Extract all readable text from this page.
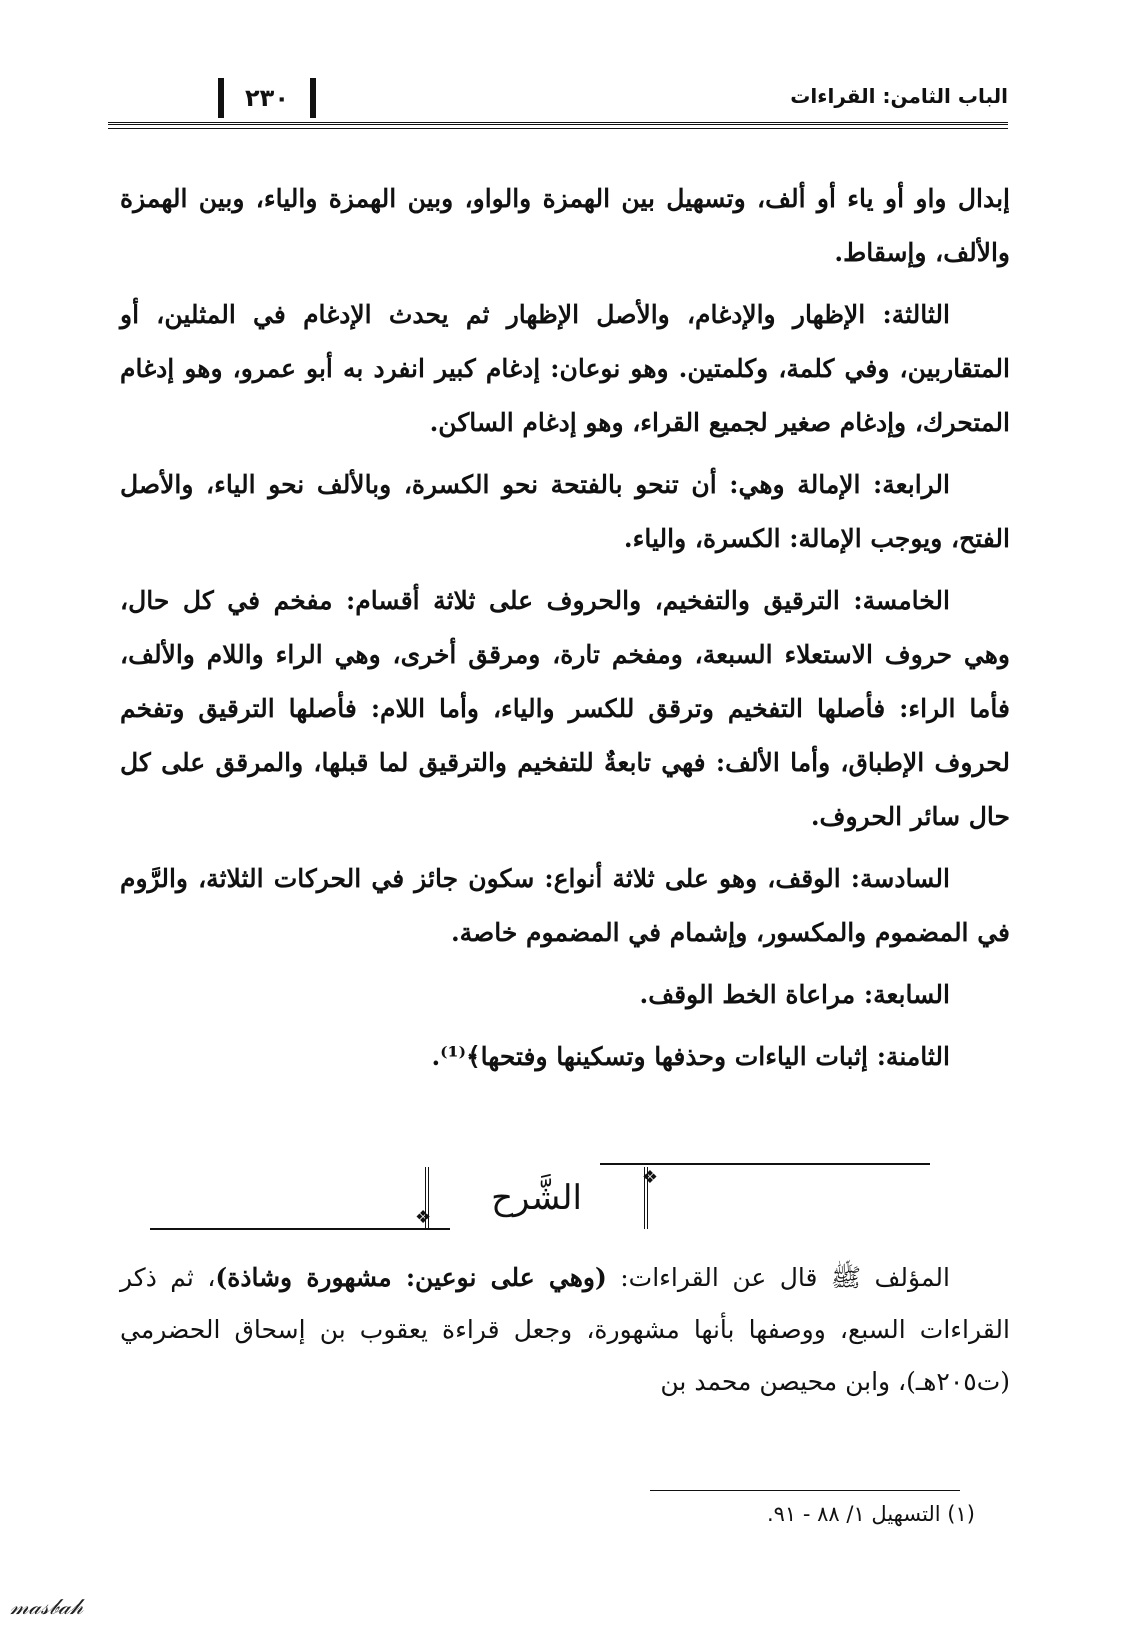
الباب الثامن: القراءات
٢٣٠

إبدال واو أو ياء أو ألف، وتسهيل بين الهمزة والواو، وبين الهمزة والياء، وبين الهمزة والألف، وإسقاط.

الثالثة: الإظهار والإدغام، والأصل الإظهار ثم يحدث الإدغام في المثلين، أو المتقاربين، وفي كلمة، وكلمتين. وهو نوعان: إدغام كبير انفرد به أبو عمرو، وهو إدغام المتحرك، وإدغام صغير لجميع القراء، وهو إدغام الساكن.

الرابعة: الإمالة وهي: أن تنحو بالفتحة نحو الكسرة، وبالألف نحو الياء، والأصل الفتح، ويوجب الإمالة: الكسرة، والياء.

الخامسة: الترقيق والتفخيم، والحروف على ثلاثة أقسام: مفخم في كل حال، وهي حروف الاستعلاء السبعة، ومفخم تارة، ومرقق أخرى، وهي الراء واللام والألف، فأما الراء: فأصلها التفخيم وترقق للكسر والياء، وأما اللام: فأصلها الترقيق وتفخم لحروف الإطباق، وأما الألف: فهي تابعةٌ للتفخيم والترقيق لما قبلها، والمرقق على كل حال سائر الحروف.

السادسة: الوقف، وهو على ثلاثة أنواع: سكون جائز في الحركات الثلاثة، والرَّوم في المضموم والمكسور، وإشمام في المضموم خاصة.

السابعة: مراعاة الخط الوقف.

الثامنة: إثبات الياءات وحذفها وتسكينها وفتحها﴾⁽¹⁾.

❖
الشَّرح
❖

المؤلف ﷺ قال عن القراءات: (وهي على نوعين: مشهورة وشاذة)، ثم ذكر القراءات السبع، ووصفها بأنها مشهورة، وجعل قراءة يعقوب بن إسحاق الحضرمي (ت٢٠٥هـ)، وابن محيصن محمد بن

(١) التسهيل ١/ ٨٨ - ٩١.
𝓂𝒶𝓈𝒷𝒶𝒽
